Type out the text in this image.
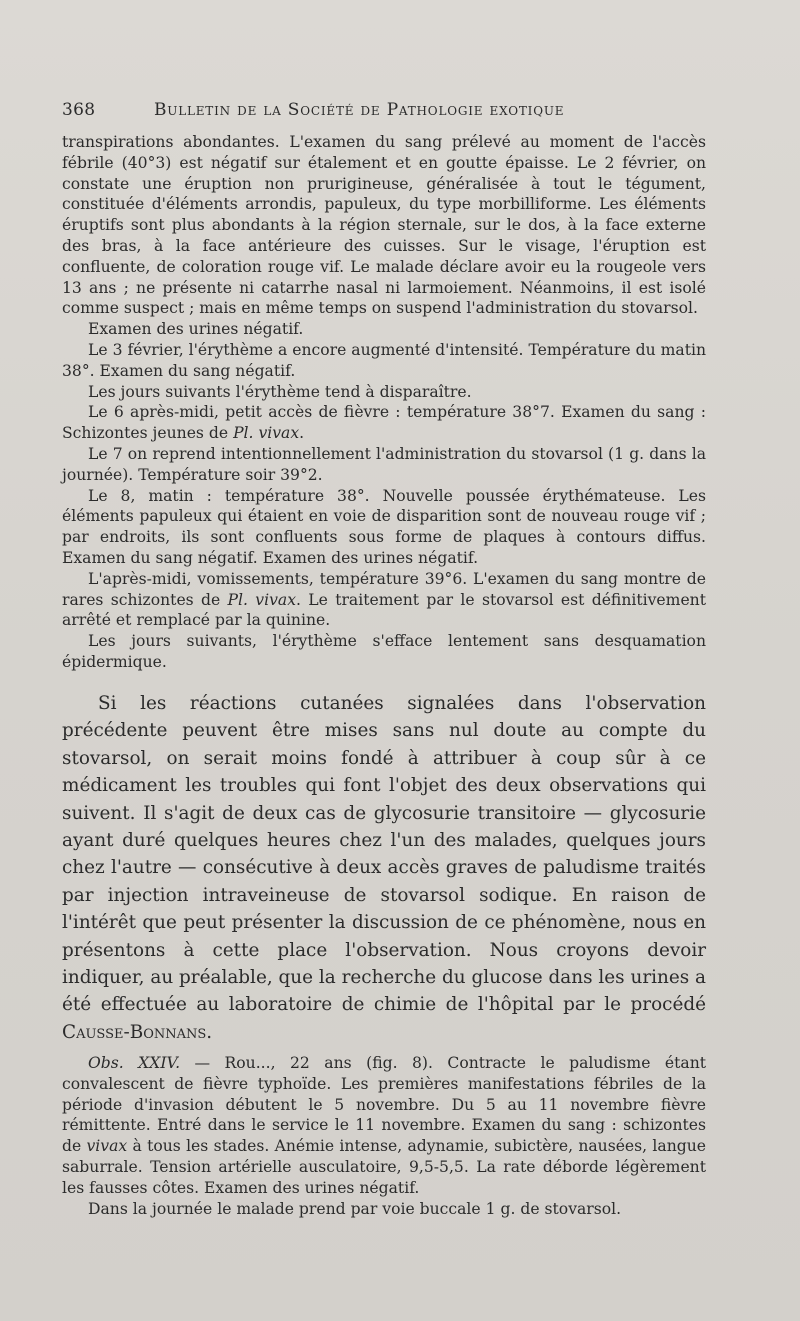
368	Bulletin de la Société de Pathologie exotique

transpirations abondantes. L'examen du sang prélevé au moment de l'accès fébrile (40°3) est négatif sur étalement et en goutte épaisse. Le 2 février, on constate une éruption non prurigineuse, généralisée à tout le tégument, constituée d'éléments arrondis, papuleux, du type morbilliforme. Les éléments éruptifs sont plus abondants à la région sternale, sur le dos, à la face externe des bras, à la face antérieure des cuisses. Sur le visage, l'éruption est confluente, de coloration rouge vif. Le malade déclare avoir eu la rougeole vers 13 ans ; ne présente ni catarrhe nasal ni larmoiement. Néanmoins, il est isolé comme suspect ; mais en même temps on suspend l'administration du stovarsol.

Examen des urines négatif.

Le 3 février, l'érythème a encore augmenté d'intensité. Température du matin 38°. Examen du sang négatif.

Les jours suivants l'érythème tend à disparaître.

Le 6 après-midi, petit accès de fièvre : température 38°7. Examen du sang : Schizontes jeunes de Pl. vivax.

Le 7 on reprend intentionnellement l'administration du stovarsol (1 g. dans la journée). Température soir 39°2.

Le 8, matin : température 38°. Nouvelle poussée érythémateuse. Les éléments papuleux qui étaient en voie de disparition sont de nouveau rouge vif ; par endroits, ils sont confluents sous forme de plaques à contours diffus. Examen du sang négatif. Examen des urines négatif.

L'après-midi, vomissements, température 39°6. L'examen du sang montre de rares schizontes de Pl. vivax. Le traitement par le stovarsol est définitivement arrêté et remplacé par la quinine.

Les jours suivants, l'érythème s'efface lentement sans desquamation épidermique.

Si les réactions cutanées signalées dans l'observation précédente peuvent être mises sans nul doute au compte du stovarsol, on serait moins fondé à attribuer à coup sûr à ce médicament les troubles qui font l'objet des deux observations qui suivent. Il s'agit de deux cas de glycosurie transitoire — glycosurie ayant duré quelques heures chez l'un des malades, quelques jours chez l'autre — consécutive à deux accès graves de paludisme traités par injection intraveineuse de stovarsol sodique. En raison de l'intérêt que peut présenter la discussion de ce phénomène, nous en présentons à cette place l'observation. Nous croyons devoir indiquer, au préalable, que la recherche du glucose dans les urines a été effectuée au laboratoire de chimie de l'hôpital par le procédé Causse-Bonnans.

Obs. XXIV. — Rou..., 22 ans (fig. 8). Contracte le paludisme étant convalescent de fièvre typhoïde. Les premières manifestations fébriles de la période d'invasion débutent le 5 novembre. Du 5 au 11 novembre fièvre rémittente. Entré dans le service le 11 novembre. Examen du sang : schizontes de vivax à tous les stades. Anémie intense, adynamie, subictère, nausées, langue saburrale. Tension artérielle ausculatoire, 9,5-5,5. La rate déborde légèrement les fausses côtes. Examen des urines négatif.

Dans la journée le malade prend par voie buccale 1 g. de stovarsol.
